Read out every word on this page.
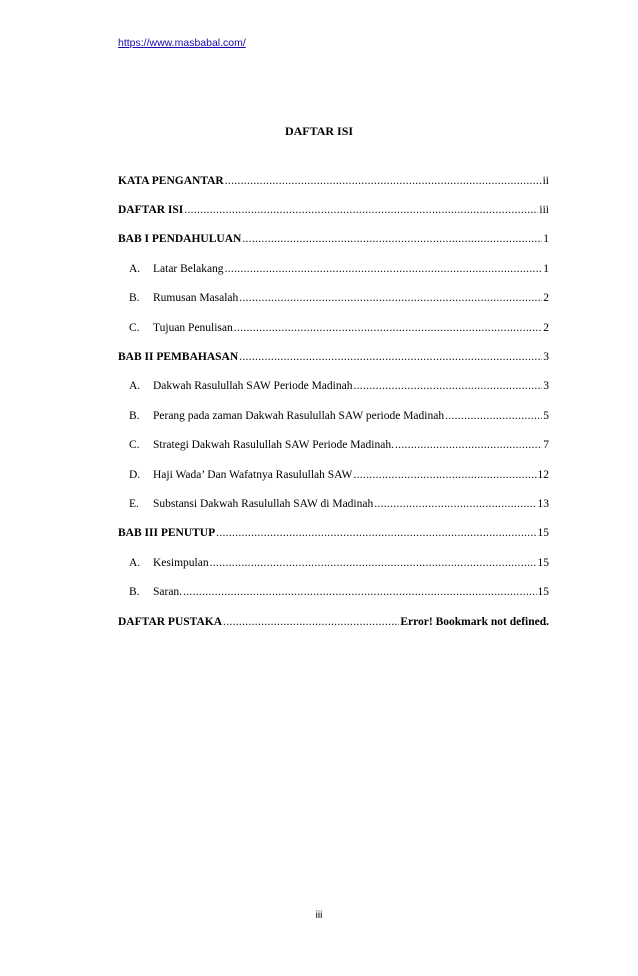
https://www.masbabal.com/
DAFTAR ISI
KATA PENGANTAR .....	ii
DAFTAR ISI .....	iii
BAB I PENDAHULUAN .....	1
A.	Latar Belakang .....	1
B.	Rumusan Masalah .....	2
C.	Tujuan Penulisan .....	2
BAB II PEMBAHASAN .....	3
A.	Dakwah Rasulullah SAW Periode Madinah .....	3
B.	Perang pada zaman Dakwah Rasulullah SAW periode Madinah .....	5
C.	Strategi Dakwah Rasulullah SAW Periode Madinah. .....	7
D.	Haji Wada’ Dan Wafatnya Rasulullah SAW .....	12
E.	Substansi Dakwah Rasulullah SAW di Madinah .....	13
BAB III PENUTUP .....	15
A.	Kesimpulan .....	15
B.	Saran. .....	15
DAFTAR PUSTAKA .....	Error! Bookmark not defined.
iii
